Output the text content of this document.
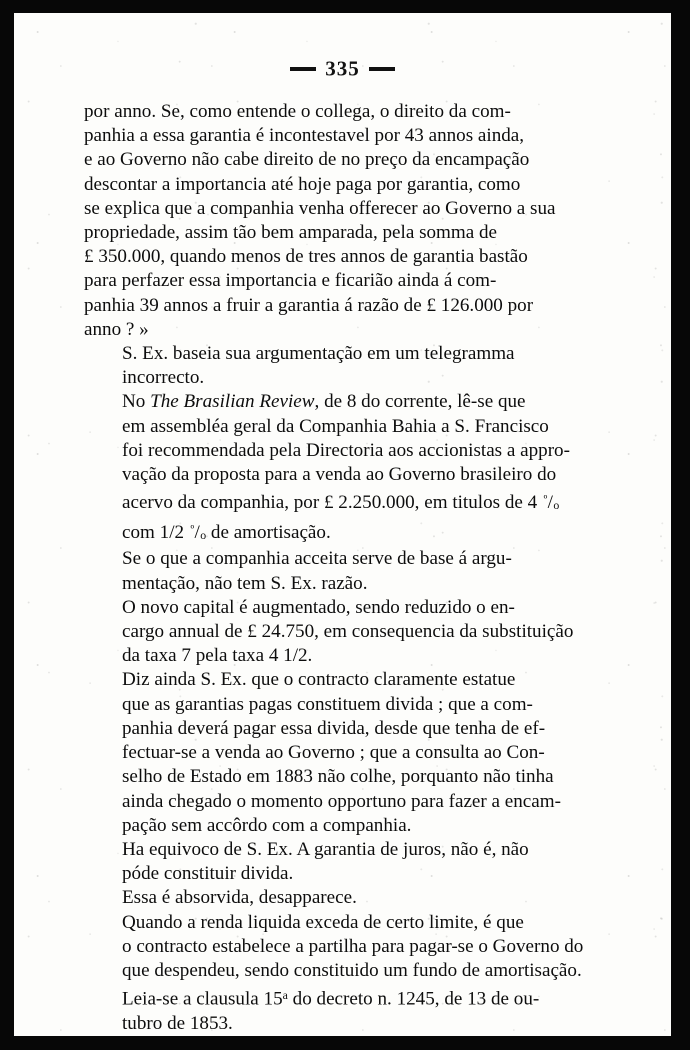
335

por anno. Se, como entende o collega, o direito da com-
panhia a essa garantia é incontestavel por 43 annos ainda,
e ao Governo não cabe direito de no preço da encampação
descontar a importancia até hoje paga por garantia, como
se explica que a companhia venha offerecer ao Governo a sua
propriedade, assim tão bem amparada, pela somma de
£ 350.000, quando menos de tres annos de garantia bastão
para perfazer essa importancia e ficarião ainda á com-
panhia 39 annos a fruir a garantia á razão de £ 126.000 por
anno ? »

S. Ex. baseia sua argumentação em um telegramma
incorrecto.

No The Brasilian Review, de 8 do corrente, lê-se que
em assembléa geral da Companhia Bahia a S. Francisco
foi recommendada pela Directoria aos accionistas a appro-
vação da proposta para a venda ao Governo brasileiro do
acervo da companhia, por £ 2.250.000, em titulos de 4 $^º$/o
com 1/2 $^º$/o de amortisação.

Se o que a companhia acceita serve de base á argu-
mentação, não tem S. Ex. razão.

O novo capital é augmentado, sendo reduzido o en-
cargo annual de £ 24.750, em consequencia da substituição
da taxa 7 pela taxa 4 1/2.

Diz ainda S. Ex. que o contracto claramente estatue
que as garantias pagas constituem divida ; que a com-
panhia deverá pagar essa divida, desde que tenha de ef-
fectuar-se a venda ao Governo ; que a consulta ao Con-
selho de Estado em 1883 não colhe, porquanto não tinha
ainda chegado o momento opportuno para fazer a encam-
pação sem accôrdo com a companhia.

Ha equivoco de S. Ex. A garantia de juros, não é, não
póde constituir divida.

Essa é absorvida, desapparece.

Quando a renda liquida exceda de certo limite, é que
o contracto estabelece a partilha para pagar-se o Governo do
que despendeu, sendo constituido um fundo de amortisação.

Leia-se a clausula 15$^a$ do decreto n. 1245, de 13 de ou-
tubro de 1853.
